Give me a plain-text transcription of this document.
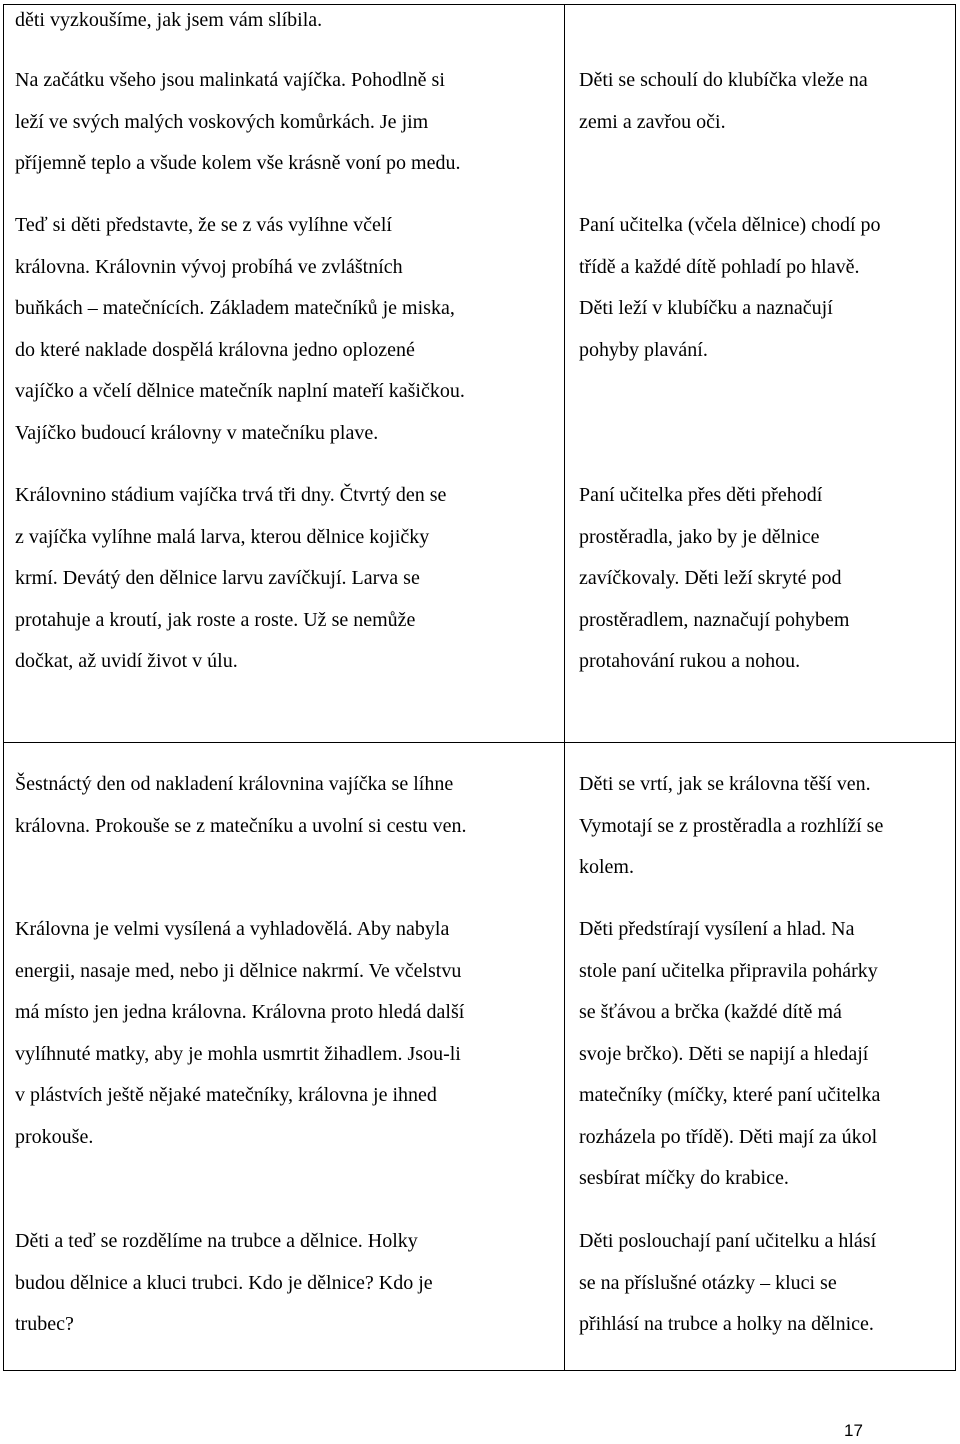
děti vyzkoušíme, jak jsem vám slíbila.
Na začátku všeho jsou malinkatá vajíčka. Pohodlně si
leží ve svých malých voskových komůrkách. Je jim
příjemně teplo a všude kolem vše krásně voní po medu.
Děti se schoulí do klubíčka vleže na
zemi a zavřou oči.
Teď si děti představte, že se z vás vylíhne včelí
královna. Královnin vývoj probíhá ve zvláštních
buňkách – matečnících. Základem matečníků je miska,
do které naklade dospělá královna jedno oplozené
vajíčko a včelí dělnice matečník naplní mateří kašičkou.
Vajíčko budoucí královny v matečníku plave.
Paní učitelka (včela dělnice) chodí po
třídě a každé dítě pohladí po hlavě.
Děti leží v klubíčku a naznačují
pohyby plavání.
Královnino stádium vajíčka trvá tři dny. Čtvrtý den se
z vajíčka vylíhne malá larva, kterou dělnice kojičky
krmí. Devátý den dělnice larvu zavíčkují. Larva se
protahuje a kroutí, jak roste a roste. Už se nemůže
dočkat, až uvidí život v úlu.
Paní učitelka přes děti přehodí
prostěradla, jako by je dělnice
zavíčkovaly. Děti leží skryté pod
prostěradlem, naznačují pohybem
protahování rukou a nohou.
Šestnáctý den od nakladení královnina vajíčka se líhne
královna. Prokouše se z matečníku a uvolní si cestu ven.
Děti se vrtí, jak se královna těší ven.
Vymotají se z prostěradla a rozhlíží se
kolem.
Královna je velmi vysílená a vyhladovělá. Aby nabyla
energii, nasaje med, nebo ji dělnice nakrmí. Ve včelstvu
má místo jen jedna královna. Královna proto hledá další
vylíhnuté matky, aby je mohla usmrtit žihadlem. Jsou-li
v plástvích ještě nějaké matečníky, královna je ihned
prokouše.
Děti předstírají vysílení a hlad. Na
stole paní učitelka připravila pohárky
se šťávou a brčka (každé dítě má
svoje brčko). Děti se napijí a hledají
matečníky (míčky, které paní učitelka
rozházela po třídě). Děti mají za úkol
sesbírat míčky do krabice.
Děti a teď se rozdělíme na trubce a dělnice. Holky
budou dělnice a kluci trubci. Kdo je dělnice? Kdo je
trubec?
Děti poslouchají paní učitelku a hlásí
se na příslušné otázky – kluci se
přihlásí na trubce a holky na dělnice.
17
